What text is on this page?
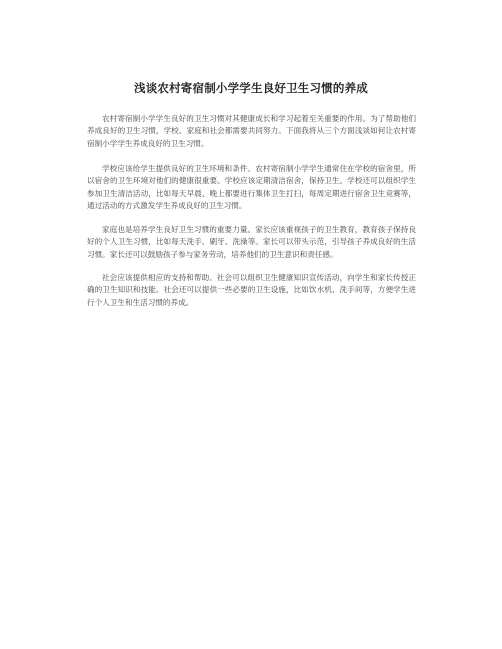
浅谈农村寄宿制小学学生良好卫生习惯的养成

农村寄宿制小学学生良好的卫生习惯对其健康成长和学习起着至关重要的作用。为了帮助他们养成良好的卫生习惯，学校、家庭和社会都需要共同努力。下面我将从三个方面浅谈如何让农村寄宿制小学学生养成良好的卫生习惯。

学校应该给学生提供良好的卫生环境和条件。农村寄宿制小学学生通常住在学校的宿舍里，所以宿舍的卫生环境对他们的健康很重要。学校应该定期清洁宿舍，保持卫生。学校还可以组织学生参加卫生清洁活动，比如每天早晨、晚上都要进行集体卫生打扫，每周定期进行宿舍卫生竞赛等，通过活动的方式激发学生养成良好的卫生习惯。

家庭也是培养学生良好卫生习惯的重要力量。家长应该重视孩子的卫生教育，教育孩子保持良好的个人卫生习惯，比如每天洗手、刷牙、洗澡等。家长可以带头示范，引导孩子养成良好的生活习惯。家长还可以鼓励孩子参与家务劳动，培养他们的卫生意识和责任感。

社会应该提供相应的支持和帮助。社会可以组织卫生健康知识宣传活动，向学生和家长传授正确的卫生知识和技能。社会还可以提供一些必要的卫生设施，比如饮水机、洗手间等，方便学生进行个人卫生和生活习惯的养成。
